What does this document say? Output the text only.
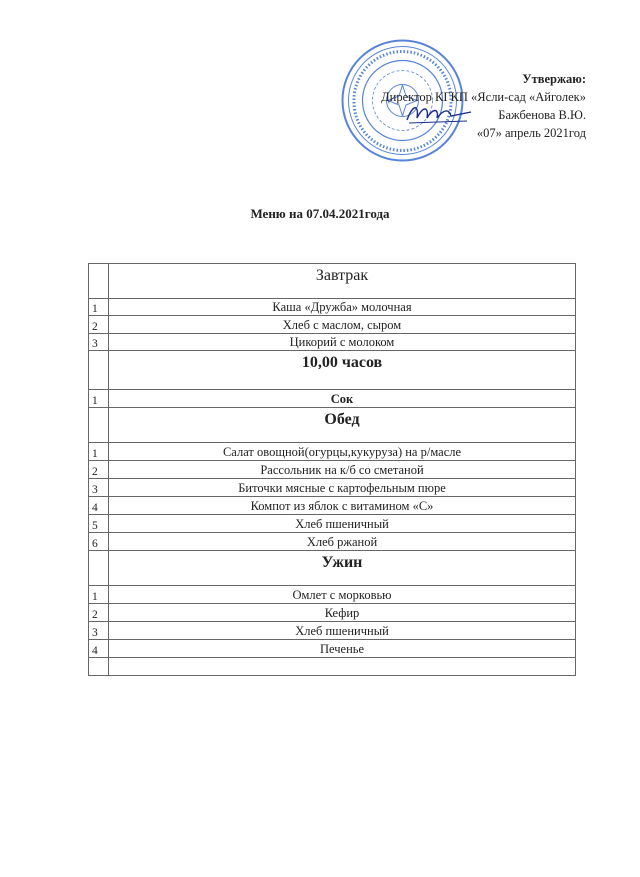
Утвержаю:
Директор КГКП «Ясли-сад «Айголек»
Бажбенова В.Ю.
«07» апрель 2021год
Меню на 07.04.2021года
Завтрак
1	Каша «Дружба» молочная
2	Хлеб с маслом, сыром
3	Цикорий с молоком
10,00 часов
1	Сок
Обед
1	Салат овощной(огурцы,кукуруза) на р/масле
2	Рассольник на к/б со сметаной
3	Биточки мясные с картофельным пюре
4	Компот из яблок с витамином «С»
5	Хлеб пшеничный
6	Хлеб ржаной
Ужин
1	Омлет с морковью
2	Кефир
3	Хлеб пшеничный
4	Печенье
